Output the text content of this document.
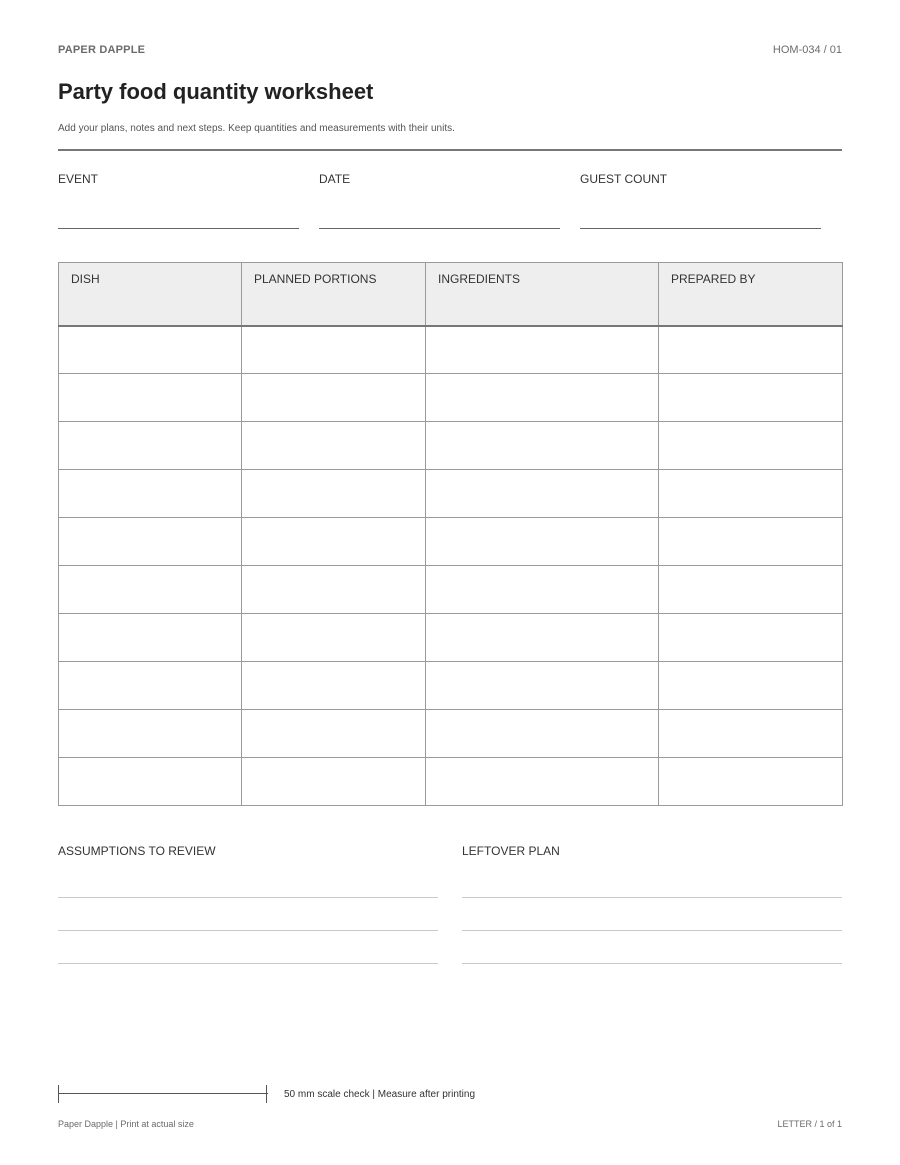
PAPER DAPPLE	HOM-034 / 01
Party food quantity worksheet
Add your plans, notes and next steps. Keep quantities and measurements with their units.
EVENT	DATE	GUEST COUNT
DISH	PLANNED PORTIONS	INGREDIENTS	PREPARED BY

ASSUMPTIONS TO REVIEW	LEFTOVER PLAN
50 mm scale check | Measure after printing
Paper Dapple | Print at actual size	LETTER / 1 of 1
